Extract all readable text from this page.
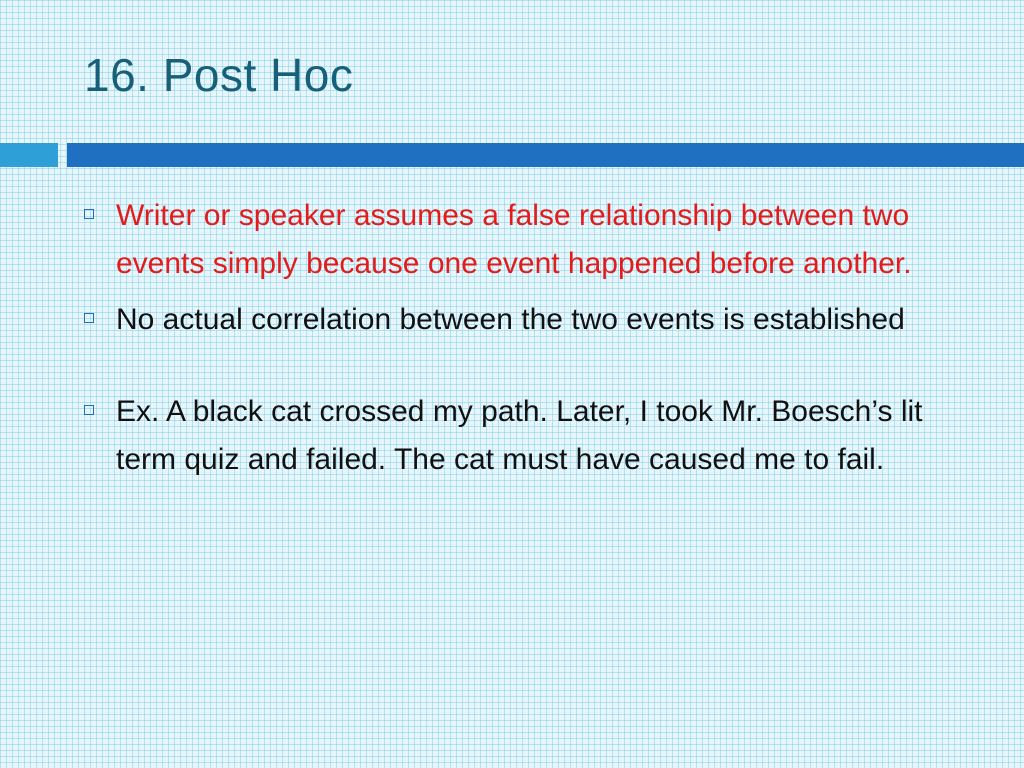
16. Post Hoc
Writer or speaker assumes a false relationship between two events simply because one event happened before another.
No actual correlation between the two events is established
Ex. A black cat crossed my path. Later, I took Mr. Boesch’s lit term quiz and failed. The cat must have caused me to fail.
